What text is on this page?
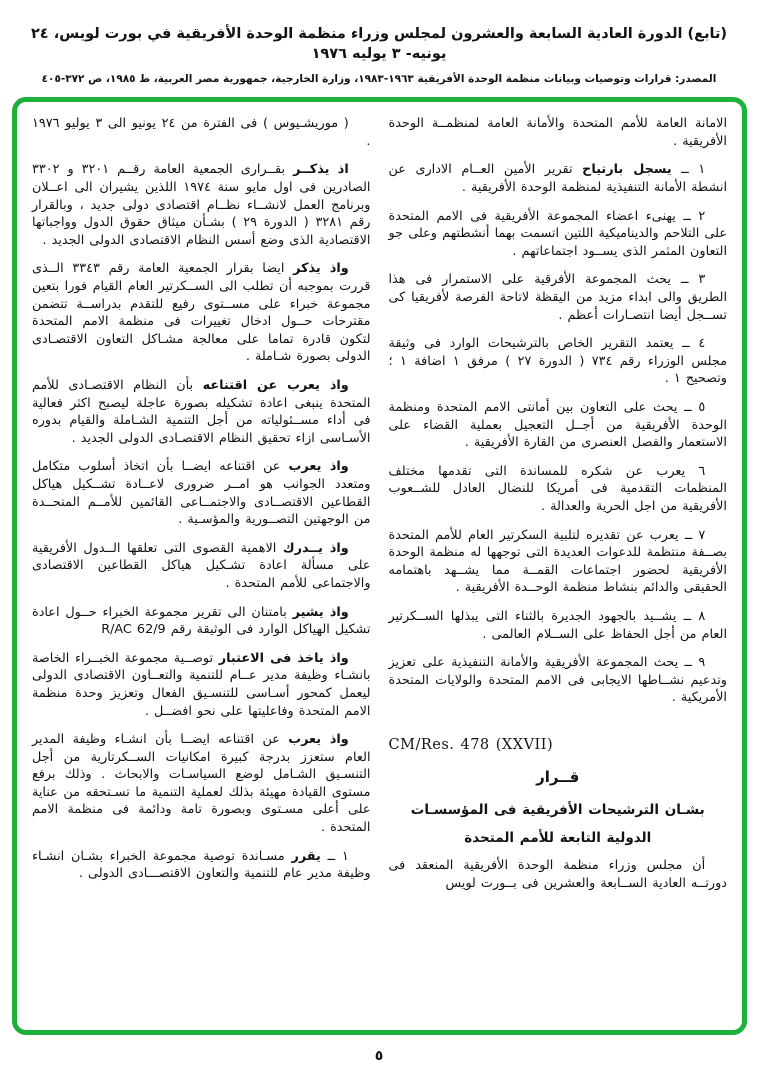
(تابع) الدورة العادية السابعة والعشرون لمجلس وزراء منظمة الوحدة الأفريقية في بورت لويس، ٢٤ يونيه- ٣ يوليه ١٩٧٦
المصدر: قرارات وتوصيات وبيانات منظمة الوحدة الأفريقية ١٩٦٣-١٩٨٣، وزارة الخارجية، جمهورية مصر العربية، ط ١٩٨٥، ص ٣٧٢-٤٠٥

الامانة العامة للأمم المتحدة والأمانة العامة لمنظمــة الوحدة الأفريقية .

١ ــ يسجل بارتياح تقرير الأمين العــام الادارى عن انشطة الأمانة التنفيذية لمنظمة الوحدة الأفريقية .

٢ ــ يهنىء اعضاء المجموعة الأفريقية فى الامم المتحدة على التلاحم والديناميكية اللتين اتسمت بهما أنشطتهم وعلى جو التعاون المثمر الذى يســود اجتماعاتهم .

٣ ــ يحث المجموعة الأفرقية على الاستمرار فى هذا الطريق والى ابداء مزيد من اليقظة لاتاحة الفرصة لأفريقيا كى تســجل أيضا انتصـارات أعظم .

٤ ــ يعتمد التقرير الخاص بالترشيحات الوارد فى وثيقة مجلس الوزراء رقم ٧٣٤ ( الدورة ٢٧ ) مرفق ١ اضافة ١ ؛ وتصحيح ١ .

٥ ــ يحث على التعاون بين أمانتى الامم المتحدة ومنظمة الوحدة الأفريقية من أجــل التعجيل بعملية القضاء على الاستعمار والفصل العنصرى من القارة الأفريقية .

٦ يعرب عن شكره للمساندة التى تقدمها مختلف المنظمات التقدمية فى أمريكا للنضال العادل للشــعوب الأفريقية من اجل الحرية والعدالة .

٧ ــ يعرب عن تقديره لتلبية السكرتير العام للأمم المتحدة بصــفة منتظمة للدعوات العديدة التى توجهها له منظمة الوحدة الأفريقية لحضور اجتماعات القمــة مما يشــهد باهتمامه الحقيقى والدائم بنشاط منظمة الوحــدة الأفريقية .

٨ ــ يشــيد بالجهود الجديرة بالثناء التى يبذلها الســكرتير العام من أجل الحفاظ على الســلام العالمى .

٩ ــ يحث المجموعة الأفريقية والأمانة التنفيذية على تعزيز وتدعيم نشــاطها الايجابى فى الامم المتحدة والولايات المتحدة الأمريكية .

CM/Res. 478 (XXVII)

قــرار

بشـان الترشيحات الأفريقية فى المؤسسـات

الدولية التابعة للأمم المتحدة

أن مجلس وزراء منظمة الوحدة الأفريقية المنعقد فى دورتــه العادية الســابعة والعشرين فى بــورت لويس

( موريشـيوس ) فى الفترة من ٢٤ يونيو الى ٣ يوليو ١٩٧٦ .

اذ يذكــر بقــرارى الجمعية العامة رقــم ٣٢٠١ و ٣٣٠٢ الصادرين فى اول مايو سنة ١٩٧٤ اللذين يشيران الى اعــلان وبرنامج العمل لانشــاء نظــام اقتصادى دولى جديد ، وبالقرار رقم ٣٢٨١ ( الدورة ٢٩ ) بشـأن ميثاق حقوق الدول وواجباتها الاقتصادية الذى وضع أسس النظام الاقتصادى الدولى الجديد .

واذ يذكر ايضا بقرار الجمعية العامة رقم ٣٣٤٣ الــذى قررت بموجبه أن تطلب الى الســكرتير العام القيام فورا بتعين مجموعة خبراء على مســتوى رفيع للتقدم بدراســة تتضمن مقترحات حــول ادخال تغييرات فى منظمة الامم المتحدة لتكون قادرة تماما على معالجة مشـاكل التعاون الاقتصـادى الدولى بصورة شـاملة .

واذ يعرب عن اقتناعه بأن النظام الاقتصـادى للأمم المتحدة ينبغى اعادة تشكيله بصورة عاجلة ليصبح اكثر فعالية فى أداء مســئولياته من أجل التنمية الشـاملة والقيام بدوره الأسـاسى ازاء تحقيق النظام الاقتصـادى الدولى الجديد .

واذ يعرب عن اقتناعه ايضــا بأن اتخاذ أسلوب متكامل ومتعدد الجوانب هو امــر ضرورى لاعــادة تشــكيل هياكل القطاعين الاقتصــادى والاجتمــاعى القائمين للأمــم المتحــدة من الوجهتين التصــورية والمؤسـية .

واذ يــدرك الاهمية القصوى التى تعلقها الــدول الأفريقية على مسألة اعادة تشـكيل هياكل القطاعين الاقتصادى والاجتماعى للأمم المتحدة .

واذ يشير بامتنان الى تقرير مجموعة الخبراء حــول اعادة تشكيل الهياكل الوارد فى الوثيقة رقم R/AC 62/9

واذ ياخذ فى الاعتبار توصــية مجموعة الخبــراء الخاصة بانشـاء وظيفة مدير عــام للتنمية والتعــاون الاقتصادى الدولى ليعمل كمحور أسـاسى للتنسـيق الفعال وتعزيز وحدة منظمة الامم المتحدة وفاعليتها على نحو افضــل .

واذ يعرب عن اقتناعه ايضــا بأن انشـاء وظيفة المدير العام ستعزز بدرجة كبيرة امكانيات الســكرتارية من أجل التنسـيق الشـامل لوضع السياسـات والابحاث . وذلك برفع مستوى القيادة مهيئة بذلك لعملية التنمية ما تسـتحقه من عناية على أعلى مسـتوى وبصورة تامة ودائمة فى منظمة الامم المتحدة .

١ ــ يقرر مسـاندة توصية مجموعة الخبراء بشـان انشـاء وظيفة مدير عام للتنمية والتعاون الاقتصـــادى الدولى .

٥
